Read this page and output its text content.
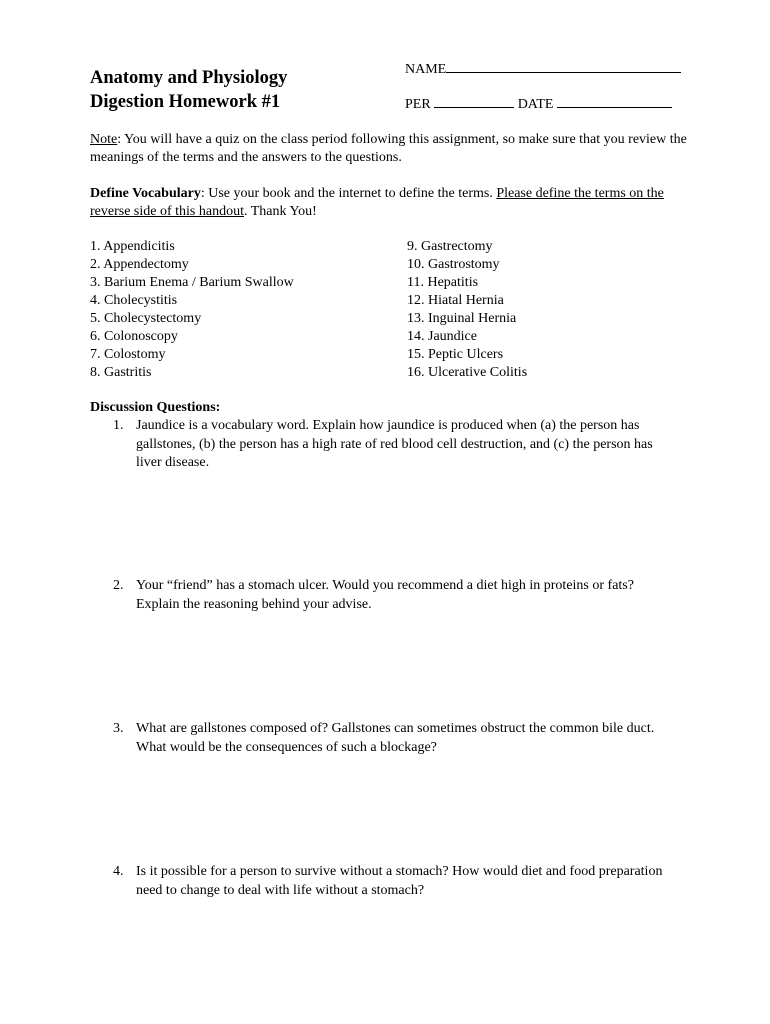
Anatomy and Physiology
Digestion Homework #1
NAME
PER	DATE
Note: You will have a quiz on the class period following this assignment, so make sure that you review the meanings of the terms and the answers to the questions.
Define Vocabulary: Use your book and the internet to define the terms. Please define the terms on the reverse side of this handout. Thank You!
1. Appendicitis
2. Appendectomy
3. Barium Enema / Barium Swallow
4. Cholecystitis
5. Cholecystectomy
6. Colonoscopy
7. Colostomy
8. Gastritis
9. Gastrectomy
10. Gastrostomy
11. Hepatitis
12. Hiatal Hernia
13. Inguinal Hernia
14. Jaundice
15. Peptic Ulcers
16. Ulcerative Colitis
Discussion Questions:
1. Jaundice is a vocabulary word. Explain how jaundice is produced when (a) the person has gallstones, (b) the person has a high rate of red blood cell destruction, and (c) the person has liver disease.
2. Your “friend” has a stomach ulcer. Would you recommend a diet high in proteins or fats? Explain the reasoning behind your advise.
3. What are gallstones composed of? Gallstones can sometimes obstruct the common bile duct. What would be the consequences of such a blockage?
4. Is it possible for a person to survive without a stomach? How would diet and food preparation need to change to deal with life without a stomach?
